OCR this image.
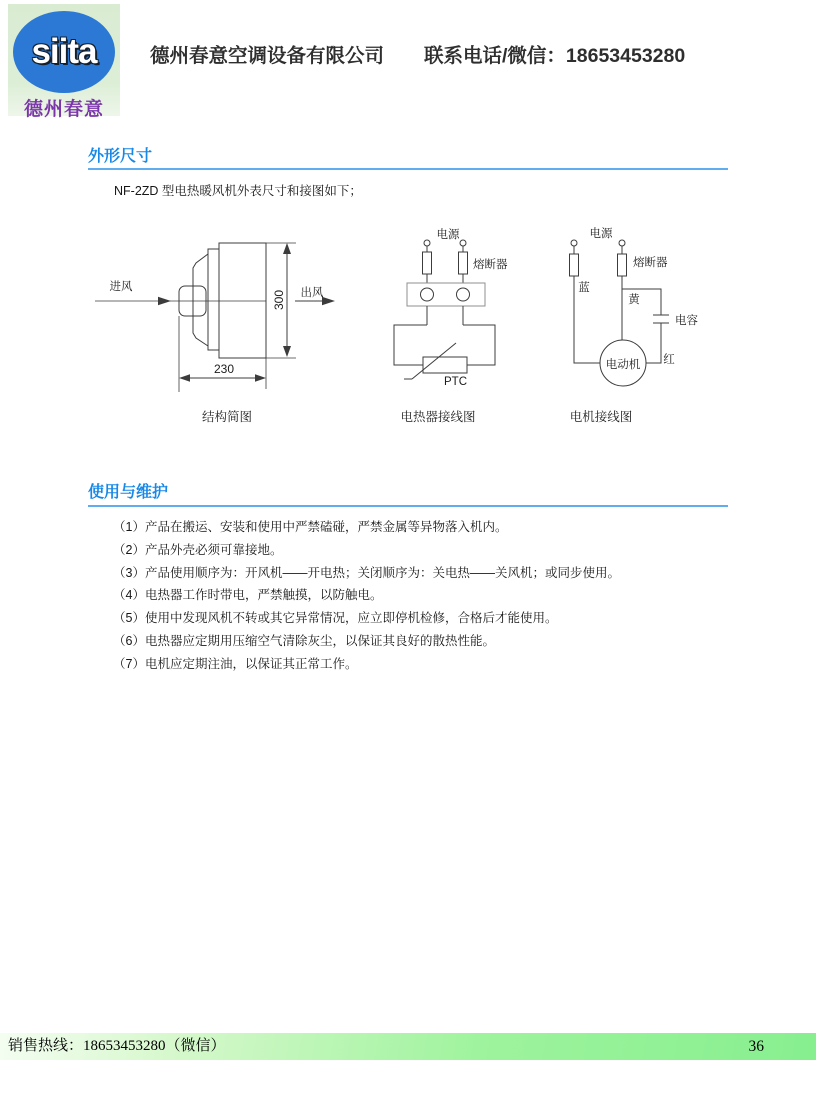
siita
德州春意
德州春意空调设备有限公司 联系电话/微信：18653453280
外形尺寸
NF-2ZD 型电热暖风机外表尺寸和接图如下；
进风	出风
300
230
结构简图
电源
熔断器
PTC
电热器接线图
电源
熔断器
蓝
黄
电容
红
电动机
电机接线图
使用与维护
（1）产品在搬运、安装和使用中严禁磕碰，严禁金属等异物落入机内。
（2）产品外壳必须可靠接地。
（3）产品使用顺序为：开风机——开电热；关闭顺序为：关电热——关风机；或同步使用。
（4）电热器工作时带电，严禁触摸，以防触电。
（5）使用中发现风机不转或其它异常情况，应立即停机检修，合格后才能使用。
（6）电热器应定期用压缩空气清除灰尘，以保证其良好的散热性能。
（7）电机应定期注油，以保证其正常工作。
销售热线：18653453280（微信）	36
